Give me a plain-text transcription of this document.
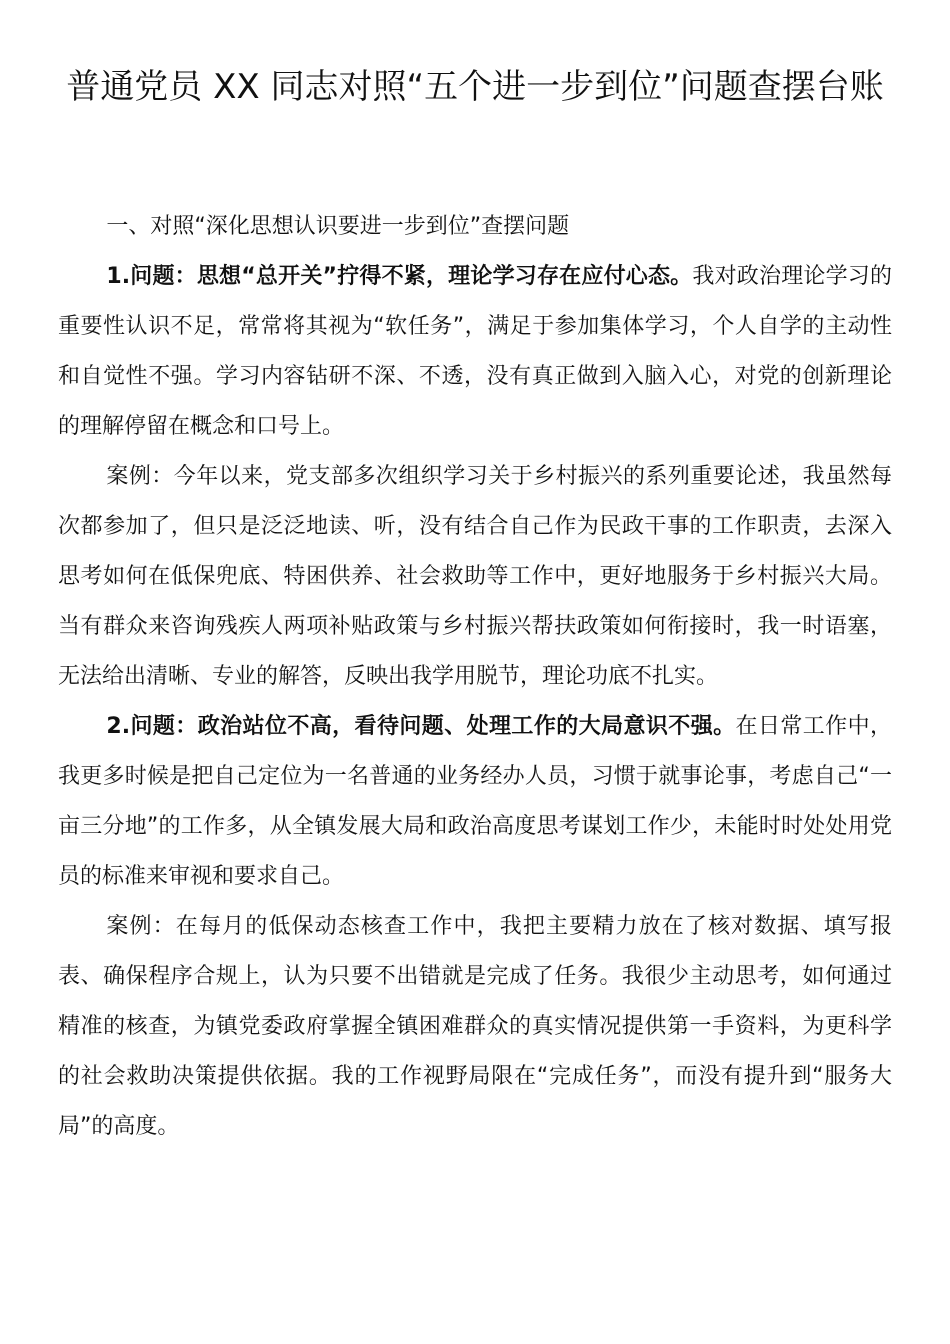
普通党员 XX 同志对照“五个进一步到位”问题查摆台账

一、对照“深化思想认识要进一步到位”查摆问题

1.问题：思想“总开关”拧得不紧，理论学习存在应付心态。我对政治理论学习的重要性认识不足，常常将其视为“软任务”，满足于参加集体学习，个人自学的主动性和自觉性不强。学习内容钻研不深、不透，没有真正做到入脑入心，对党的创新理论的理解停留在概念和口号上。

案例：今年以来，党支部多次组织学习关于乡村振兴的系列重要论述，我虽然每次都参加了，但只是泛泛地读、听，没有结合自己作为民政干事的工作职责，去深入思考如何在低保兜底、特困供养、社会救助等工作中，更好地服务于乡村振兴大局。当有群众来咨询残疾人两项补贴政策与乡村振兴帮扶政策如何衔接时，我一时语塞，无法给出清晰、专业的解答，反映出我学用脱节，理论功底不扎实。

2.问题：政治站位不高，看待问题、处理工作的大局意识不强。在日常工作中，我更多时候是把自己定位为一名普通的业务经办人员，习惯于就事论事，考虑自己“一亩三分地”的工作多，从全镇发展大局和政治高度思考谋划工作少，未能时时处处用党员的标准来审视和要求自己。

案例：在每月的低保动态核查工作中，我把主要精力放在了核对数据、填写报表、确保程序合规上，认为只要不出错就是完成了任务。我很少主动思考，如何通过精准的核查，为镇党委政府掌握全镇困难群众的真实情况提供第一手资料，为更科学的社会救助决策提供依据。我的工作视野局限在“完成任务”，而没有提升到“服务大局”的高度。
